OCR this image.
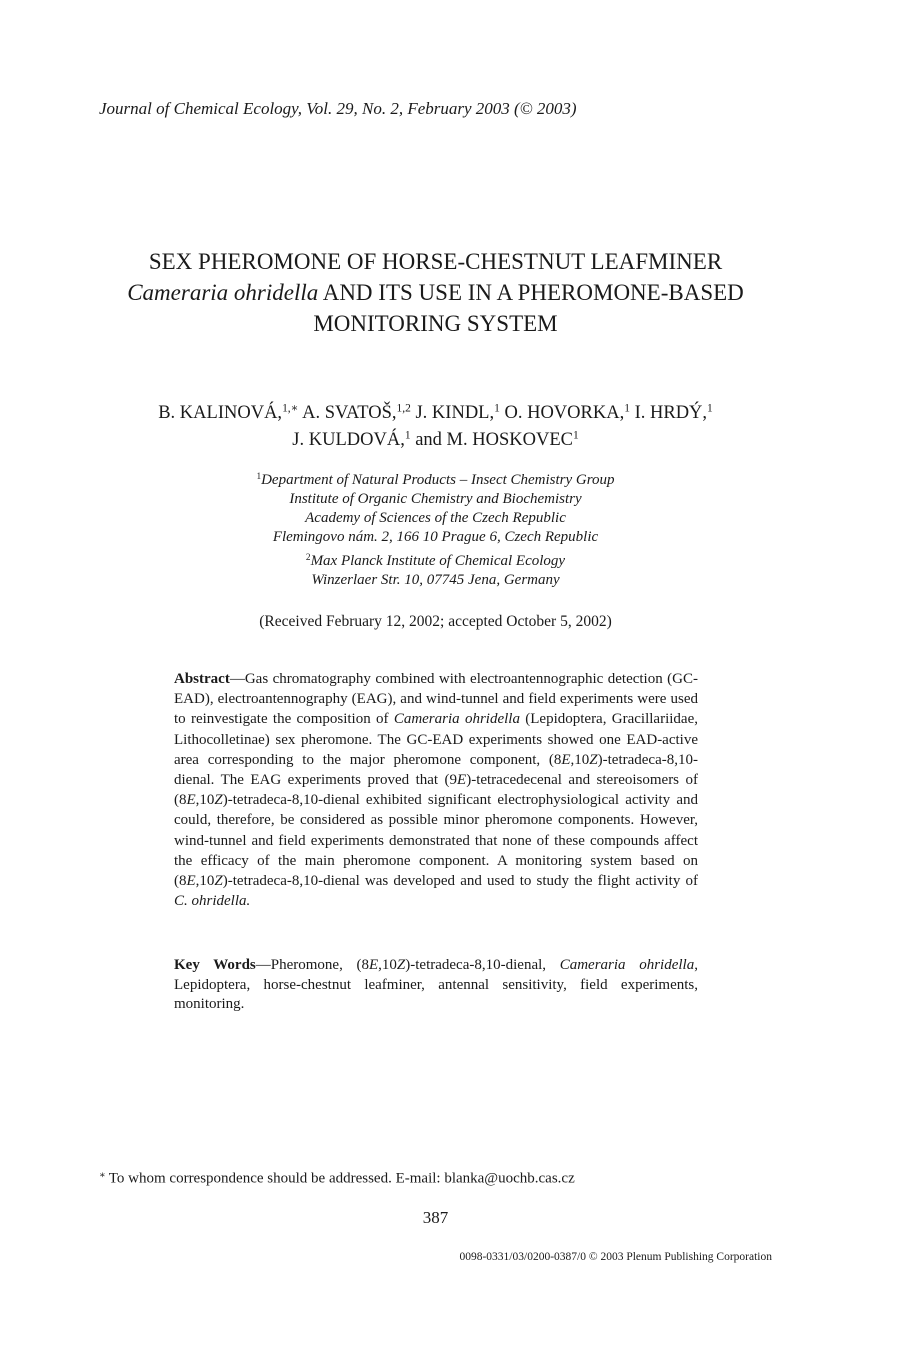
Journal of Chemical Ecology, Vol. 29, No. 2, February 2003 (© 2003)
SEX PHEROMONE OF HORSE-CHESTNUT LEAFMINER
Cameraria ohridella AND ITS USE IN A PHEROMONE-BASED
MONITORING SYSTEM
B. KALINOVÁ,$^{1,∗}$ A. SVATOŠ,$^{1,2}$ J. KINDL,$^1$ O. HOVORKA,$^1$ I. HRDÝ,$^1$
J. KULDOVÁ,$^1$ and M. HOSKOVEC$^1$
$^1$Department of Natural Products – Insect Chemistry Group
Institute of Organic Chemistry and Biochemistry
Academy of Sciences of the Czech Republic
Flemingovo nám. 2, 166 10 Prague 6, Czech Republic
$^2$Max Planck Institute of Chemical Ecology
Winzerlaer Str. 10, 07745 Jena, Germany
(Received February 12, 2002; accepted October 5, 2002)
Abstract—Gas chromatography combined with electroantennographic detection (GC-EAD), electroantennography (EAG), and wind-tunnel and field experiments were used to reinvestigate the composition of Cameraria ohridella (Lepidoptera, Gracillariidae, Lithocolletinae) sex pheromone. The GC-EAD experiments showed one EAD-active area corresponding to the major pheromone component, (8E,10Z)-tetradeca-8,10-dienal. The EAG experiments proved that (9E)-tetracedecenal and stereoisomers of (8E,10Z)-tetradeca-8,10-dienal exhibited significant electrophysiological activity and could, therefore, be considered as possible minor pheromone components. However, wind-tunnel and field experiments demonstrated that none of these compounds affect the efficacy of the main pheromone component. A monitoring system based on (8E,10Z)-tetradeca-8,10-dienal was developed and used to study the flight activity of C. ohridella.
Key Words—Pheromone, (8E,10Z)-tetradeca-8,10-dienal, Cameraria ohridella, Lepidoptera, horse-chestnut leafminer, antennal sensitivity, field experiments, monitoring.
∗ To whom correspondence should be addressed. E-mail: blanka@uochb.cas.cz
387
0098-0331/03/0200-0387/0 © 2003 Plenum Publishing Corporation
